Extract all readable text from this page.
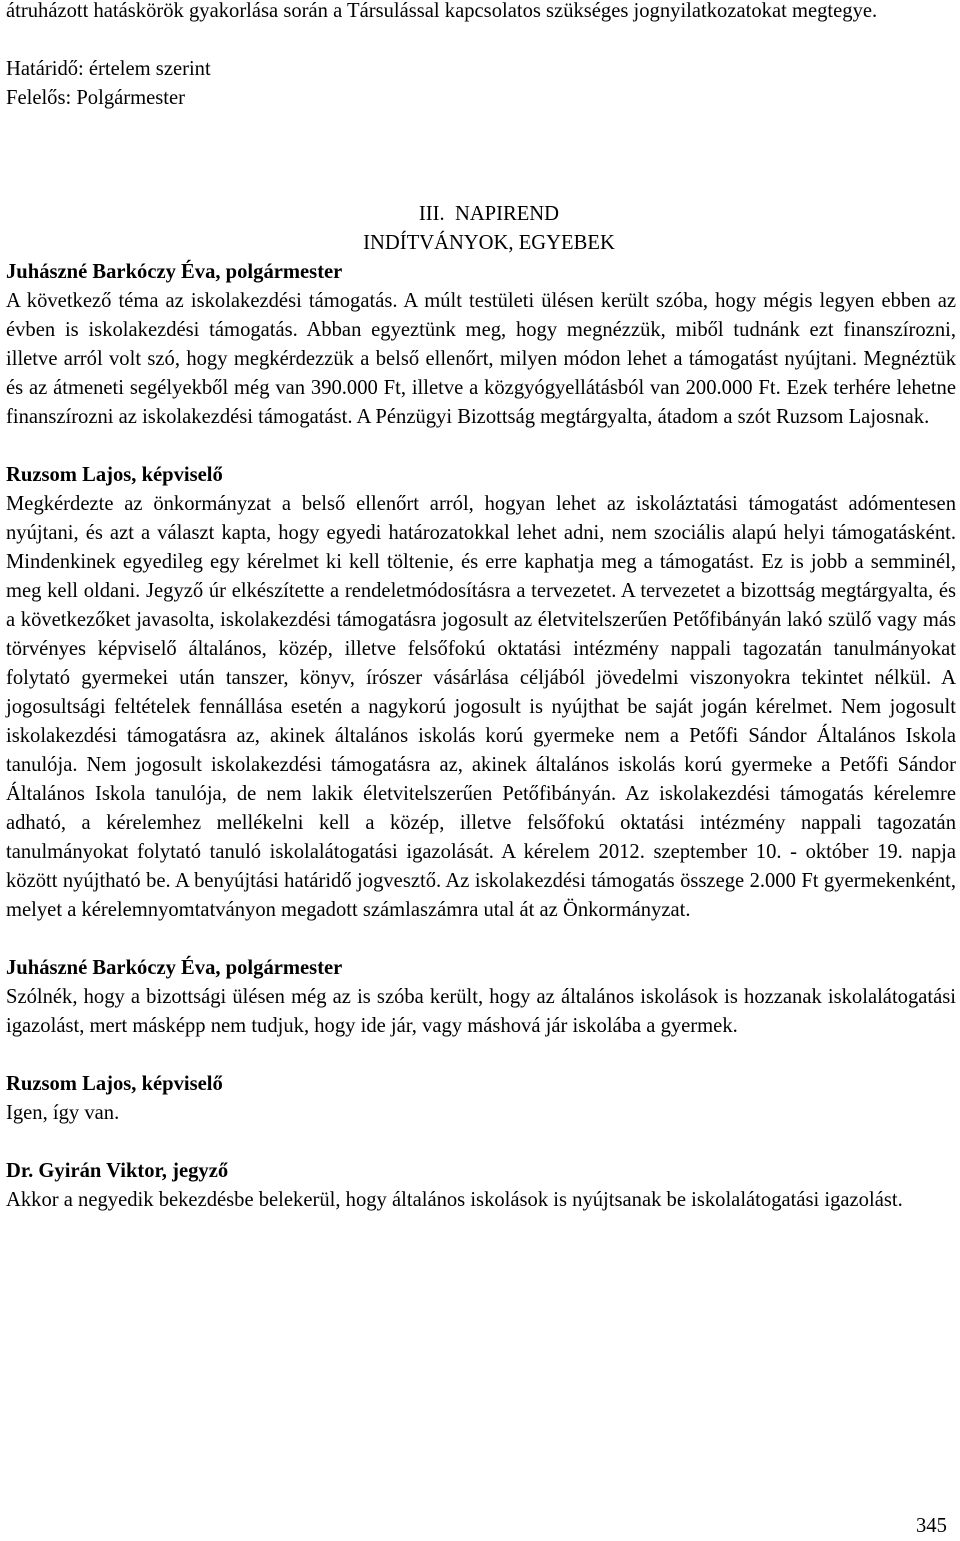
átruházott hatáskörök gyakorlása során a Társulással kapcsolatos szükséges jognyilatkozatokat megtegye.

Határidő: értelem szerint

Felelős: Polgármester

III.  NAPIREND

INDÍTVÁNYOK, EGYEBEK

Juhászné Barkóczy Éva, polgármester

A következő téma az iskolakezdési támogatás. A múlt testületi ülésen került szóba, hogy mégis legyen ebben az évben is iskolakezdési támogatás. Abban egyeztünk meg, hogy megnézzük, miből tudnánk ezt finanszírozni, illetve arról volt szó, hogy megkérdezzük a belső ellenőrt, milyen módon lehet a támogatást nyújtani. Megnéztük és az átmeneti segélyekből még van 390.000 Ft, illetve a közgyógyellátásból van 200.000 Ft. Ezek terhére lehetne finanszírozni az iskolakezdési támogatást. A Pénzügyi Bizottság megtárgyalta, átadom a szót Ruzsom Lajosnak.

Ruzsom Lajos, képviselő

Megkérdezte az önkormányzat a belső ellenőrt arról, hogyan lehet az iskoláztatási támogatást adómentesen nyújtani, és azt a választ kapta, hogy egyedi határozatokkal lehet adni, nem szociális alapú helyi támogatásként. Mindenkinek egyedileg egy kérelmet ki kell töltenie, és erre kaphatja meg a támogatást. Ez is jobb a semminél, meg kell oldani. Jegyző úr elkészítette a rendeletmódosításra a tervezetet. A tervezetet a bizottság megtárgyalta, és a következőket javasolta, iskolakezdési támogatásra jogosult az életvitelszerűen Petőfibányán lakó szülő vagy más törvényes képviselő általános, közép, illetve felsőfokú oktatási intézmény nappali tagozatán tanulmányokat folytató gyermekei után tanszer, könyv, írószer vásárlása céljából jövedelmi viszonyokra tekintet nélkül. A jogosultsági feltételek fennállása esetén a nagykorú jogosult is nyújthat be saját jogán kérelmet. Nem jogosult iskolakezdési támogatásra az, akinek általános iskolás korú gyermeke nem a Petőfi Sándor Általános Iskola tanulója. Nem jogosult iskolakezdési támogatásra az, akinek általános iskolás korú gyermeke a Petőfi Sándor Általános Iskola tanulója, de nem lakik életvitelszerűen Petőfibányán. Az iskolakezdési támogatás kérelemre adható, a kérelemhez mellékelni kell a közép, illetve felsőfokú oktatási intézmény nappali tagozatán tanulmányokat folytató tanuló iskolalátogatási igazolását. A kérelem 2012. szeptember 10. - október 19. napja között nyújtható be. A benyújtási határidő jogvesztő. Az iskolakezdési támogatás összege 2.000 Ft gyermekenként, melyet a kérelemnyomtatványon megadott számlaszámra utal át az Önkormányzat.

Juhászné Barkóczy Éva, polgármester

Szólnék, hogy a bizottsági ülésen még az is szóba került, hogy az általános iskolások is hozzanak iskolalátogatási igazolást, mert másképp nem tudjuk, hogy ide jár, vagy máshová jár iskolába a gyermek.

Ruzsom Lajos, képviselő

Igen, így van.

Dr. Gyirán Viktor, jegyző

Akkor a negyedik bekezdésbe belekerül, hogy általános iskolások is nyújtsanak be iskolalátogatási igazolást.

345
